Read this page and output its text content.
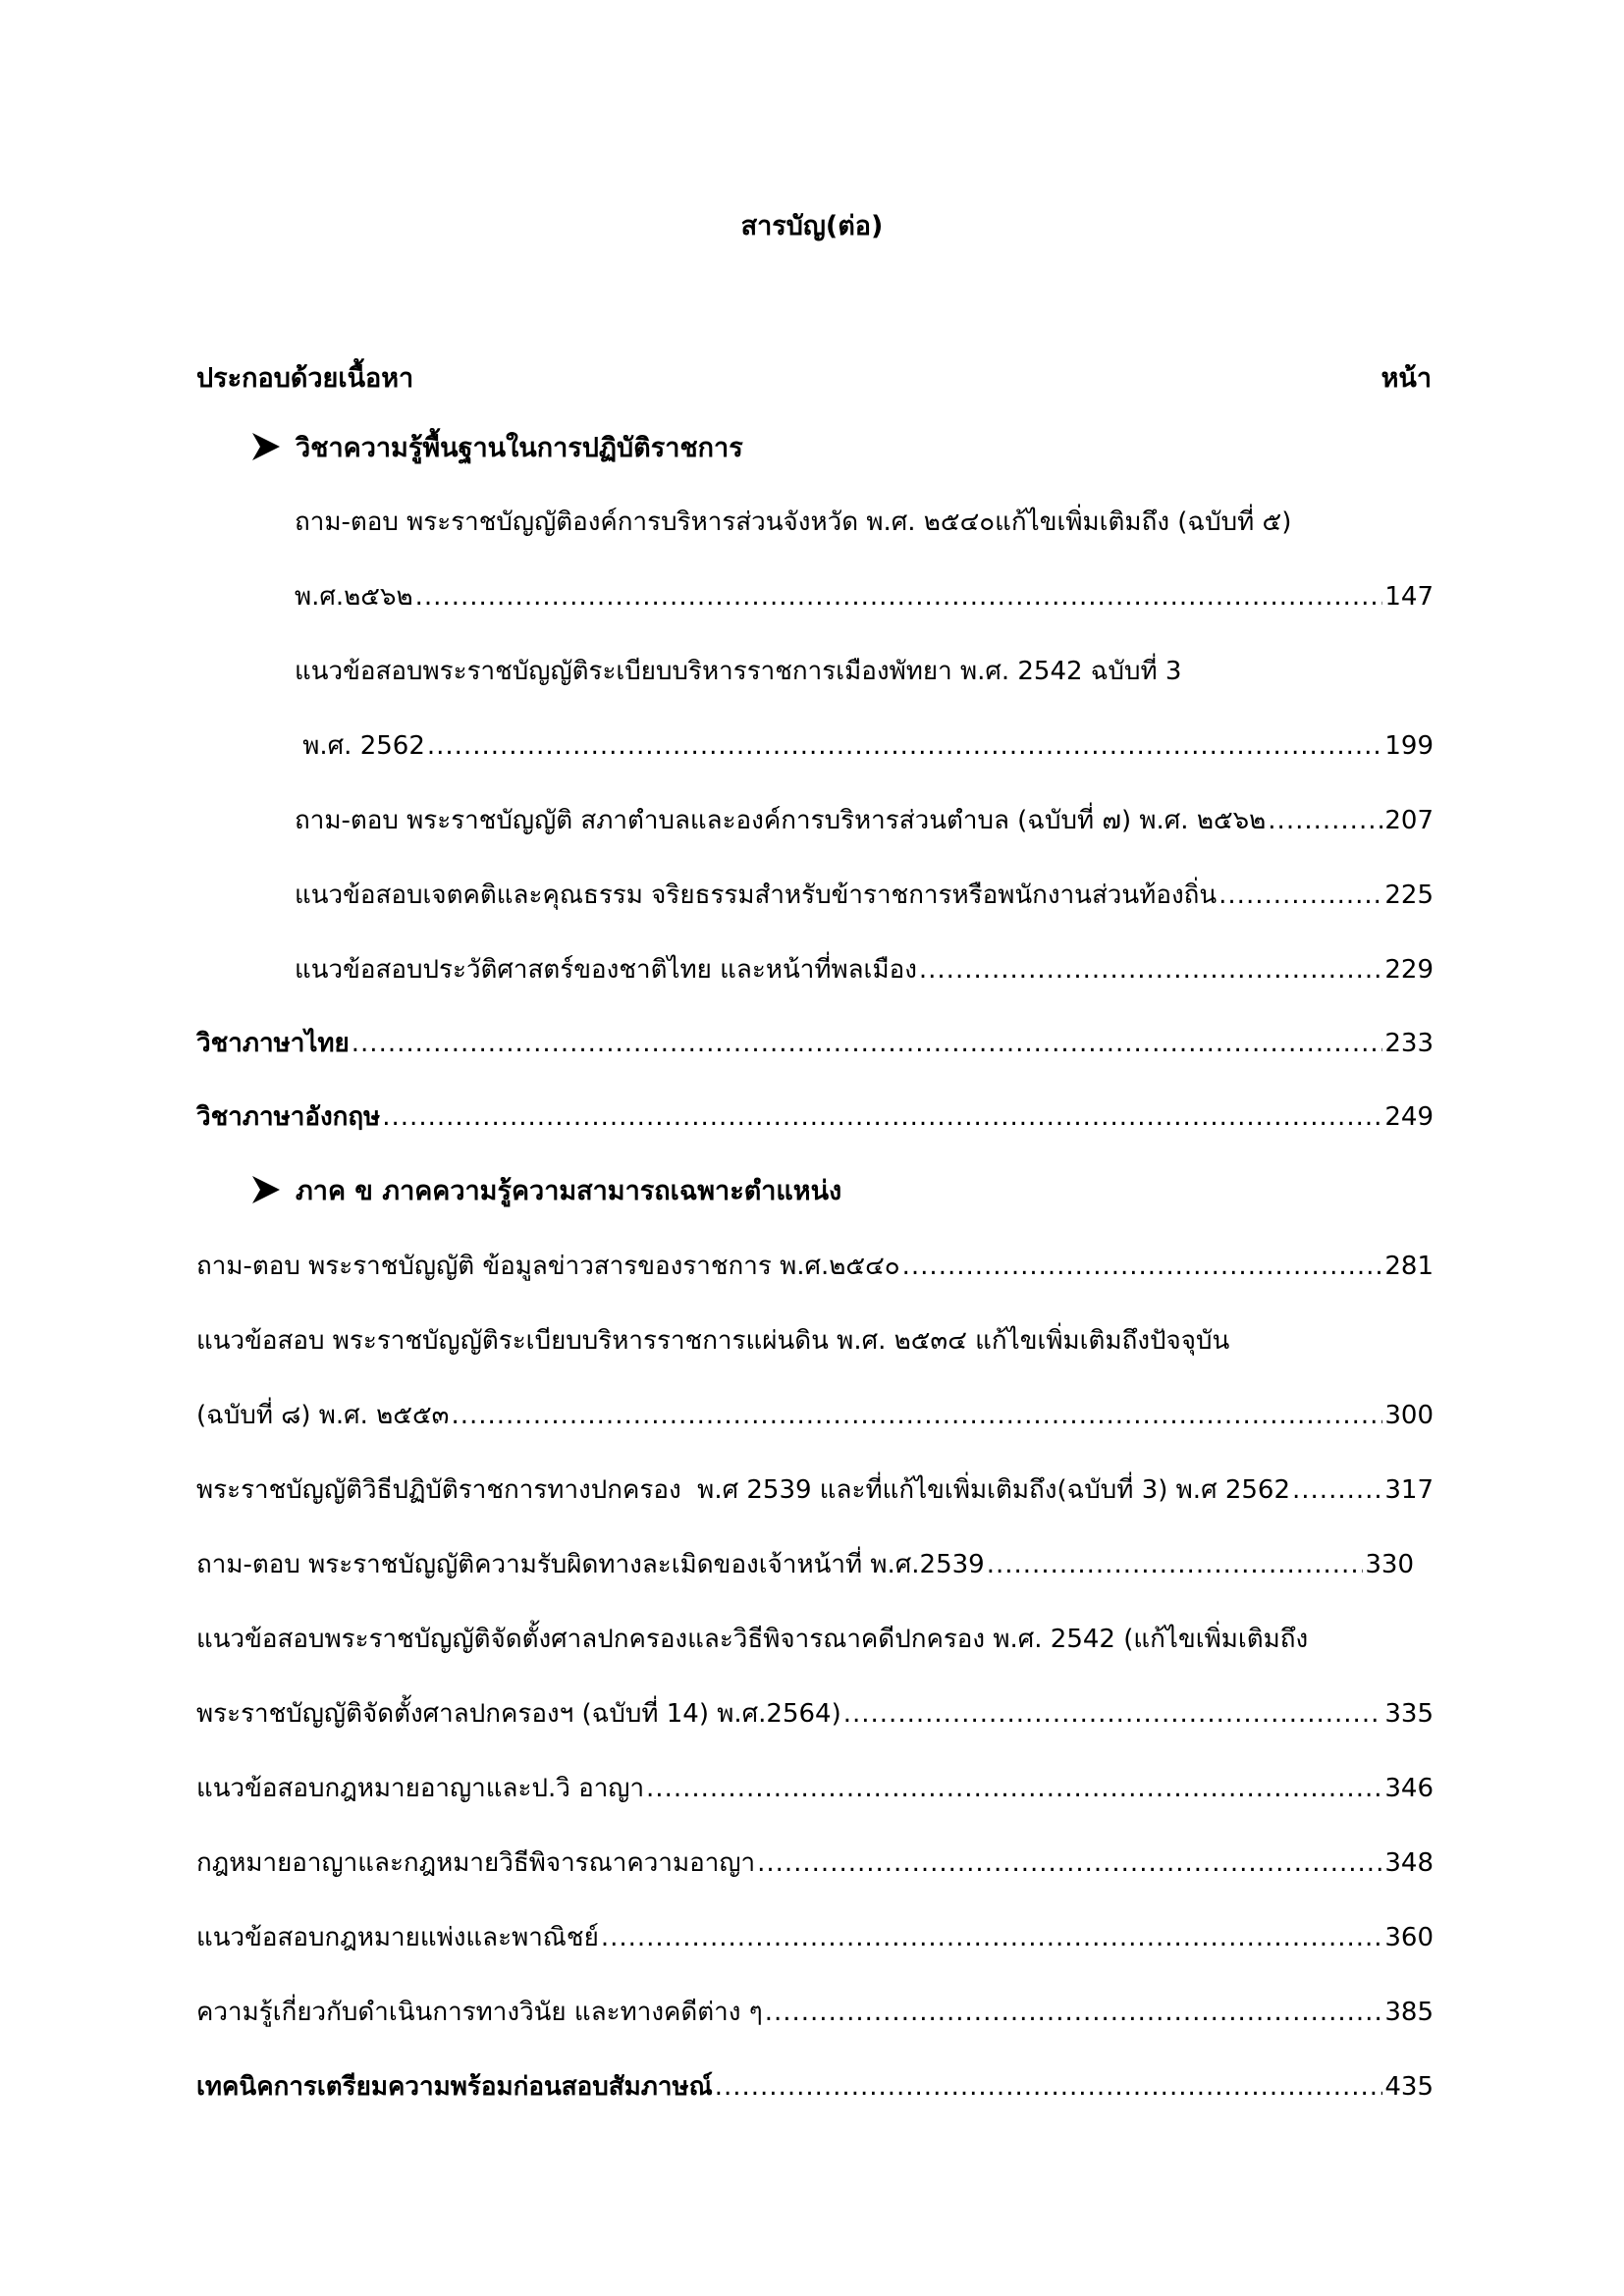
สารบัญ(ต่อ)
ประกอบด้วยเนื้อหา	หน้า
วิชาความรู้พื้นฐานในการปฏิบัติราชการ
ถาม-ตอบ พระราชบัญญัติองค์การบริหารส่วนจังหวัด พ.ศ. ๒๕๔๐แก้ไขเพิ่มเติมถึง (ฉบับที่ ๕)
พ.ศ.๒๕๖๒ .....	147
แนวข้อสอบพระราชบัญญัติระเบียบบริหารราชการเมืองพัทยา พ.ศ. 2542 ฉบับที่ 3
พ.ศ. 2562 .....	199
ถาม-ตอบ พระราชบัญญัติ สภาตำบลและองค์การบริหารส่วนตำบล (ฉบับที่ ๗) พ.ศ. ๒๕๖๒ .....	207
แนวข้อสอบเจตคติและคุณธรรม จริยธรรมสำหรับข้าราชการหรือพนักงานส่วนท้องถิ่น .....	225
แนวข้อสอบประวัติศาสตร์ของชาติไทย และหน้าที่พลเมือง .....	229
วิชาภาษาไทย .....	233
วิชาภาษาอังกฤษ .....	249
ภาค ข ภาคความรู้ความสามารถเฉพาะตำแหน่ง
ถาม-ตอบ พระราชบัญญัติ ข้อมูลข่าวสารของราชการ พ.ศ.๒๕๔๐ .....	281
แนวข้อสอบ พระราชบัญญัติระเบียบบริหารราชการแผ่นดิน พ.ศ. ๒๕๓๔ แก้ไขเพิ่มเติมถึงปัจจุบัน
(ฉบับที่ ๘) พ.ศ. ๒๕๕๓ .....	300
พระราชบัญญัติวิธีปฏิบัติราชการทางปกครอง  พ.ศ 2539 และที่แก้ไขเพิ่มเติมถึง(ฉบับที่ 3) พ.ศ 2562 .....	317
ถาม-ตอบ พระราชบัญญัติความรับผิดทางละเมิดของเจ้าหน้าที่ พ.ศ.2539 .....	330
แนวข้อสอบพระราชบัญญัติจัดตั้งศาลปกครองและวิธีพิจารณาคดีปกครอง พ.ศ. 2542 (แก้ไขเพิ่มเติมถึง
พระราชบัญญัติจัดตั้งศาลปกครองฯ (ฉบับที่ 14) พ.ศ.2564) .....	335
แนวข้อสอบกฎหมายอาญาและป.วิ อาญา .....	346
กฎหมายอาญาและกฎหมายวิธีพิจารณาความอาญา .....	348
แนวข้อสอบกฎหมายแพ่งและพาณิชย์ .....	360
ความรู้เกี่ยวกับดำเนินการทางวินัย และทางคดีต่าง ๆ .....	385
เทคนิคการเตรียมความพร้อมก่อนสอบสัมภาษณ์ .....	435
